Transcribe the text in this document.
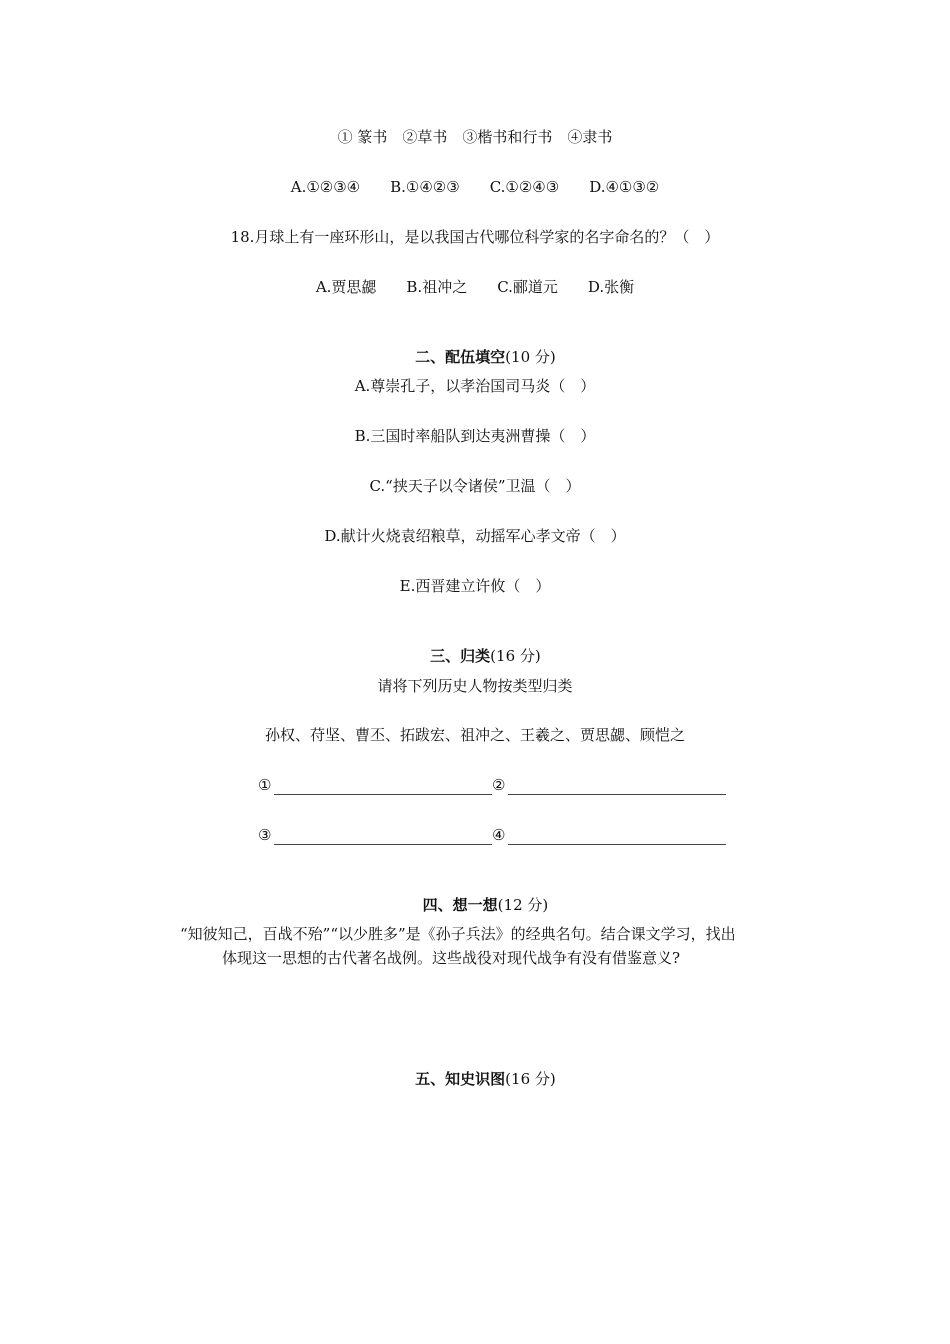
① 篆书　②草书　③楷书和行书　④隶书
A.①②③④　　B.①④②③　　C.①②④③　　D.④①③②
18.月球上有一座环形山，是以我国古代哪位科学家的名字命名的？（　）
A.贾思勰　　B.祖冲之　　C.郦道元　　D.张衡

二、配伍填空(10 分)

A.尊崇孔子，以孝治国司马炎（　）
B.三国时率船队到达夷洲曹操（　）
C.“挟天子以令诸侯”卫温（　）
D.献计火烧袁绍粮草，动摇军心孝文帝（　）
E.西晋建立许攸（　）

三、归类(16 分)

请将下列历史人物按类型归类
孙权、苻坚、曹丕、拓跋宏、祖冲之、王羲之、贾思勰、顾恺之
①	②
③	④

四、想一想(12 分)

“知彼知己，百战不殆”“以少胜多”是《孙子兵法》的经典名句。结合课文学习，找出
体现这一思想的古代著名战例。这些战役对现代战争有没有借鉴意义?

五、知史识图(16 分)
